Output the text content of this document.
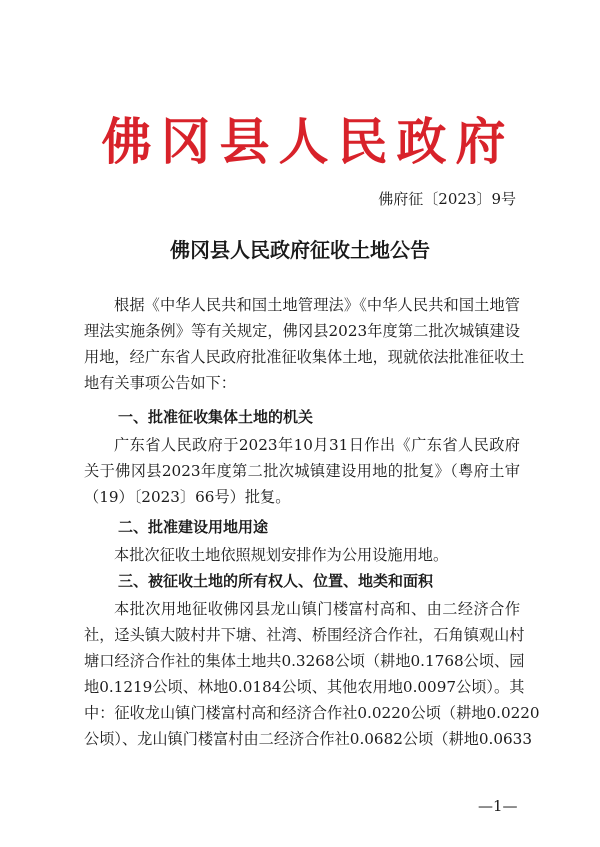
佛冈县人民政府
佛府征〔2023〕9号
佛冈县人民政府征收土地公告
根据《中华人民共和国土地管理法》《中华人民共和国土地管
理法实施条例》等有关规定，佛冈县2023年度第二批次城镇建设
用地，经广东省人民政府批准征收集体土地，现就依法批准征收土
地有关事项公告如下：
一、批准征收集体土地的机关
广东省人民政府于2023年10月31日作出《广东省人民政府
关于佛冈县2023年度第二批次城镇建设用地的批复》（粤府土审
（19）〔2023〕66号）批复。
二、批准建设用地用途
本批次征收土地依照规划安排作为公用设施用地。
三、被征收土地的所有权人、位置、地类和面积
本批次用地征收佛冈县龙山镇门楼富村高和、由二经济合作
社，迳头镇大陂村井下塘、社湾、桥围经济合作社，石角镇观山村
塘口经济合作社的集体土地共0.3268公顷（耕地0.1768公顷、园
地0.1219公顷、林地0.0184公顷、其他农用地0.0097公顷）。其
中：征收龙山镇门楼富村高和经济合作社0.0220公顷（耕地0.0220
公顷）、龙山镇门楼富村由二经济合作社0.0682公顷（耕地0.0633
—1—
